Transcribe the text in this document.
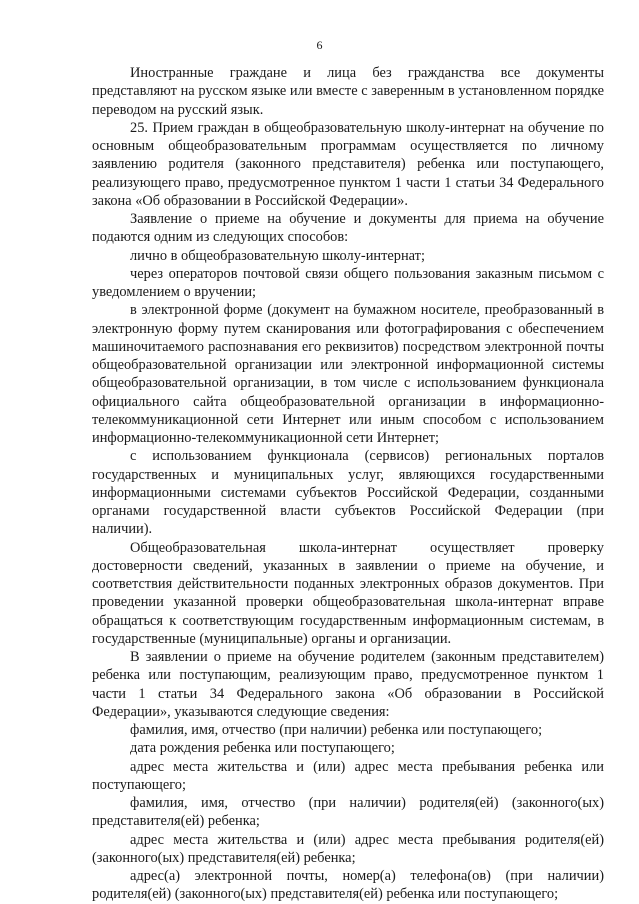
6

Иностранные граждане и лица без гражданства все документы представляют на русском языке или вместе с заверенным в установленном порядке переводом на русский язык.

25. Прием граждан в общеобразовательную школу-интернат на обучение по основным общеобразовательным программам осуществляется по личному заявлению родителя (законного представителя) ребенка или поступающего, реализующего право, предусмотренное пунктом 1 части 1 статьи 34 Федерального закона «Об образовании в Российской Федерации».

Заявление о приеме на обучение и документы для приема на обучение подаются одним из следующих способов:

лично в общеобразовательную школу-интернат;

через операторов почтовой связи общего пользования заказным письмом с уведомлением о вручении;

в электронной форме (документ на бумажном носителе, преобразованный в электронную форму путем сканирования или фотографирования с обеспечением машиночитаемого распознавания его реквизитов) посредством электронной почты общеобразовательной организации или электронной информационной системы общеобразовательной организации, в том числе с использованием функционала официального сайта общеобразовательной организации в информационно-телекоммуникационной сети Интернет или иным способом с использованием информационно-телекоммуникационной сети Интернет;

с использованием функционала (сервисов) региональных порталов государственных и муниципальных услуг, являющихся государственными информационными системами субъектов Российской Федерации, созданными органами государственной власти субъектов Российской Федерации (при наличии).

Общеобразовательная школа-интернат осуществляет проверку достоверности сведений, указанных в заявлении о приеме на обучение, и соответствия действительности поданных электронных образов документов. При проведении указанной проверки общеобразовательная школа-интернат вправе обращаться к соответствующим государственным информационным системам, в государственные (муниципальные) органы и организации.

В заявлении о приеме на обучение родителем (законным представителем) ребенка или поступающим, реализующим право, предусмотренное пунктом 1 части 1 статьи 34 Федерального закона «Об образовании в Российской Федерации», указываются следующие сведения:

фамилия, имя, отчество (при наличии) ребенка или поступающего;

дата рождения ребенка или поступающего;

адрес места жительства и (или) адрес места пребывания ребенка или поступающего;

фамилия, имя, отчество (при наличии) родителя(ей) (законного(ых) представителя(ей) ребенка;

адрес места жительства и (или) адрес места пребывания родителя(ей) (законного(ых) представителя(ей) ребенка;

адрес(а) электронной почты, номер(а) телефона(ов) (при наличии) родителя(ей) (законного(ых) представителя(ей) ребенка или поступающего;
